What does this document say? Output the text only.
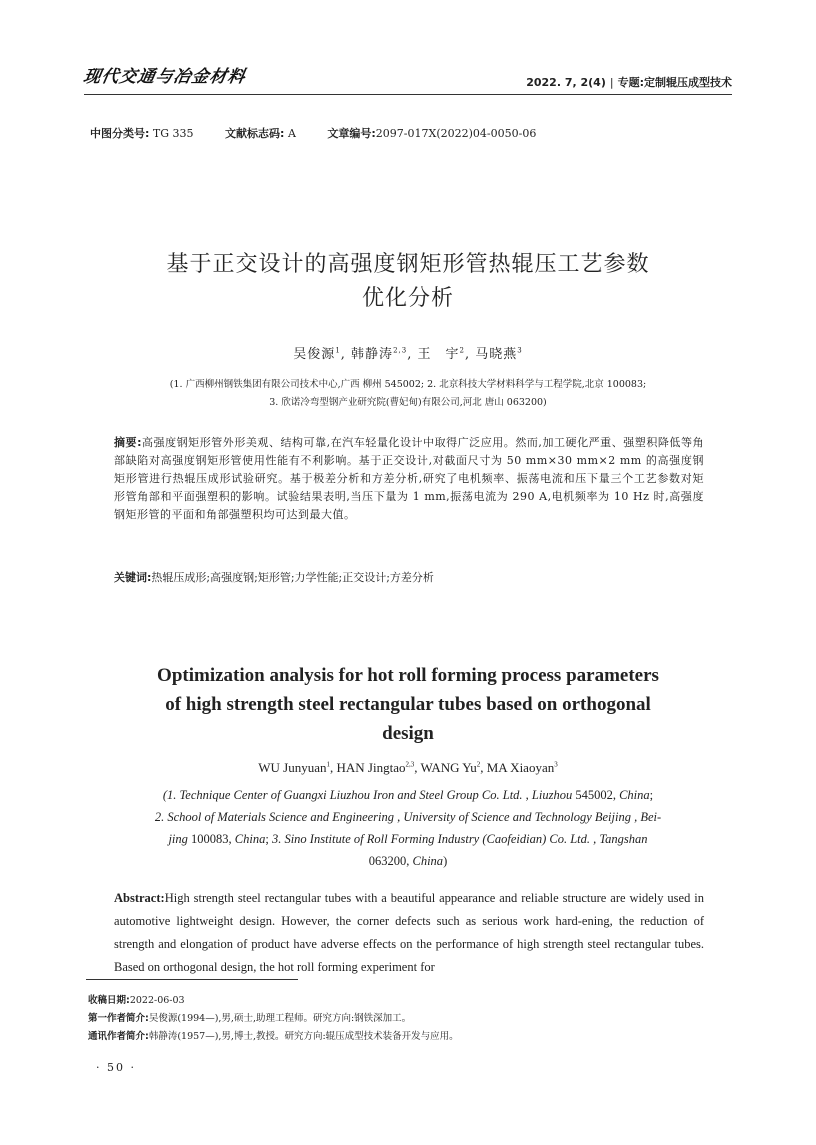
现代交通与冶金材料	2022. 7, 2(4) | 专题:定制辊压成型技术
中图分类号: TG 335	文献标志码: A	文章编号:2097-017X(2022)04-0050-06
基于正交设计的高强度钢矩形管热辊压工艺参数
优化分析
吴俊源$^1$, 韩静涛$^{2,3}$, 王　宇$^2$, 马晓燕$^3$
(1. 广西柳州钢铁集团有限公司技术中心,广西 柳州 545002; 2. 北京科技大学材料科学与工程学院,北京 100083;
3. 欣诺冷弯型钢产业研究院(曹妃甸)有限公司,河北 唐山 063200)
摘要:高强度钢矩形管外形美观、结构可靠,在汽车轻量化设计中取得广泛应用。然而,加工硬化严重、强塑积降低等角部缺陷对高强度钢矩形管使用性能有不利影响。基于正交设计,对截面尺寸为 50 mm×30 mm×2 mm 的高强度钢矩形管进行热辊压成形试验研究。基于极差分析和方差分析,研究了电机频率、振荡电流和压下量三个工艺参数对矩形管角部和平面强塑积的影响。试验结果表明,当压下量为 1 mm,振荡电流为 290 A,电机频率为 10 Hz 时,高强度钢矩形管的平面和角部强塑积均可达到最大值。
关键词:热辊压成形;高强度钢;矩形管;力学性能;正交设计;方差分析
Optimization analysis for hot roll forming process parameters
of high strength steel rectangular tubes based on orthogonal
design
WU Junyuan$^1$, HAN Jingtao$^{2,3}$, WANG Yu$^2$, MA Xiaoyan$^3$
(1. Technique Center of Guangxi Liuzhou Iron and Steel Group Co. Ltd. , Liuzhou 545002, China;
2. School of Materials Science and Engineering , University of Science and Technology Beijing , Bei-
jing 100083, China; 3. Sino Institute of Roll Forming Industry (Caofeidian) Co. Ltd. , Tangshan
063200, China)
Abstract:High strength steel rectangular tubes with a beautiful appearance and reliable structure are widely used in automotive lightweight design. However, the corner defects such as serious work hard-ening, the reduction of strength and elongation of product have adverse effects on the performance of high strength steel rectangular tubes. Based on orthogonal design, the hot roll forming experiment for
收稿日期:2022-06-03
第一作者简介:吴俊源(1994—),男,硕士,助理工程师。研究方向:钢铁深加工。
通讯作者简介:韩静涛(1957—),男,博士,教授。研究方向:辊压成型技术装备开发与应用。
· 50 ·
